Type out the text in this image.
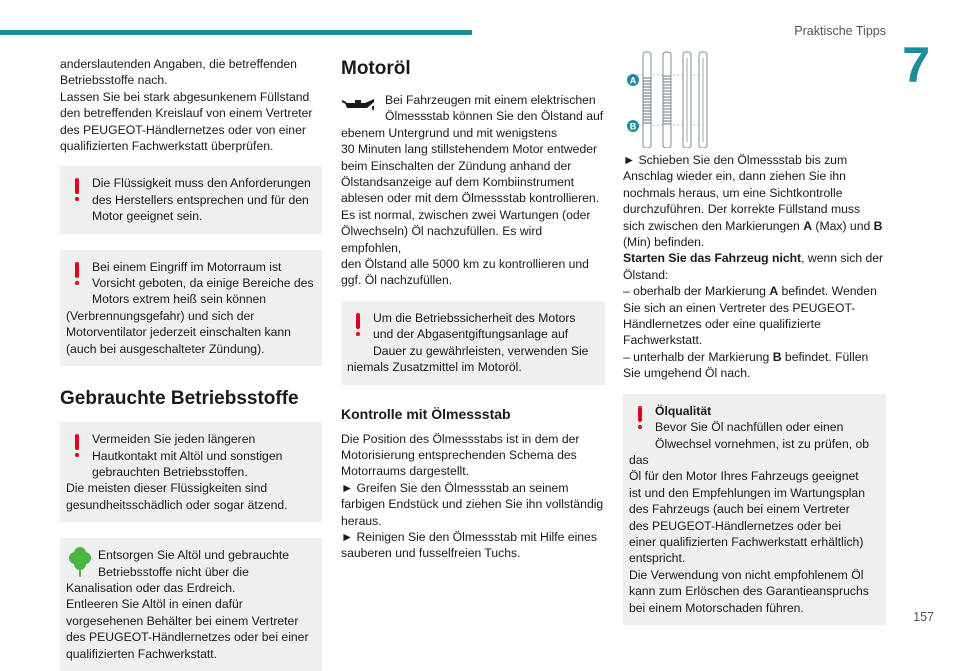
Praktische Tipps
7

anderslautenden Angaben, die betreffenden
Betriebsstoffe nach.
Lassen Sie bei stark abgesunkenem Füllstand
den betreffenden Kreislauf von einem Vertreter
des PEUGEOT-Händlernetzes oder von einer
qualifizierten Fachwerkstatt überprüfen.

Die Flüssigkeit muss den Anforderungen
des Herstellers entsprechen und für den
Motor geeignet sein.
Bei einem Eingriff im Motorraum ist
Vorsicht geboten, da einige Bereiche des
Motors extrem heiß sein können
(Verbrennungsgefahr) und sich der
Motorventilator jederzeit einschalten kann
(auch bei ausgeschalteter Zündung).
Gebrauchte Betriebsstoffe
Vermeiden Sie jeden längeren
Hautkontakt mit Altöl und sonstigen
gebrauchten Betriebsstoffen.
Die meisten dieser Flüssigkeiten sind
gesundheitsschädlich oder sogar ätzend.
Entsorgen Sie Altöl und gebrauchte
Betriebsstoffe nicht über die
Kanalisation oder das Erdreich.
Entleeren Sie Altöl in einen dafür
vorgesehenen Behälter bei einem Vertreter
des PEUGEOT-Händlernetzes oder bei einer
qualifizierten Fachwerkstatt.
Motoröl

Bei Fahrzeugen mit einem elektrischen
Ölmessstab können Sie den Ölstand auf
ebenem Untergrund und mit wenigstens
30 Minuten lang stillstehendem Motor entweder
beim Einschalten der Zündung anhand der
Ölstandsanzeige auf dem Kombiinstrument
ablesen oder mit dem Ölmessstab kontrollieren.
Es ist normal, zwischen zwei Wartungen (oder
Ölwechseln) Öl nachzufüllen. Es wird empfohlen,
den Ölstand alle 5000 km zu kontrollieren und
ggf. Öl nachzufüllen.

Um die Betriebssicherheit des Motors
und der Abgasentgiftungsanlage auf
Dauer zu gewährleisten, verwenden Sie
niemals Zusatzmittel im Motoröl.
Kontrolle mit Ölmessstab

Die Position des Ölmessstabs ist in dem der
Motorisierung entsprechenden Schema des
Motorraums dargestellt.
► Greifen Sie den Ölmessstab an seinem
farbigen Endstück und ziehen Sie ihn vollständig
heraus.
► Reinigen Sie den Ölmessstab mit Hilfe eines
sauberen und fusselfreien Tuchs.

A
B

► Schieben Sie den Ölmessstab bis zum
Anschlag wieder ein, dann ziehen Sie ihn
nochmals heraus, um eine Sichtkontrolle
durchzuführen. Der korrekte Füllstand muss
sich zwischen den Markierungen A (Max) und B
(Min) befinden.
Starten Sie das Fahrzeug nicht, wenn sich der
Ölstand:
– oberhalb der Markierung A befindet. Wenden
Sie sich an einen Vertreter des PEUGEOT-
Händlernetzes oder eine qualifizierte
Fachwerkstatt.
– unterhalb der Markierung B befindet. Füllen
Sie umgehend Öl nach.

Ölqualität
Bevor Sie Öl nachfüllen oder einen
Ölwechsel vornehmen, ist zu prüfen, ob das
Öl für den Motor Ihres Fahrzeugs geeignet
ist und den Empfehlungen im Wartungsplan
des Fahrzeugs (auch bei einem Vertreter
des PEUGEOT-Händlernetzes oder bei
einer qualifizierten Fachwerkstatt erhältlich)
entspricht.
Die Verwendung von nicht empfohlenem Öl
kann zum Erlöschen des Garantieanspruchs
bei einem Motorschaden führen.
157
